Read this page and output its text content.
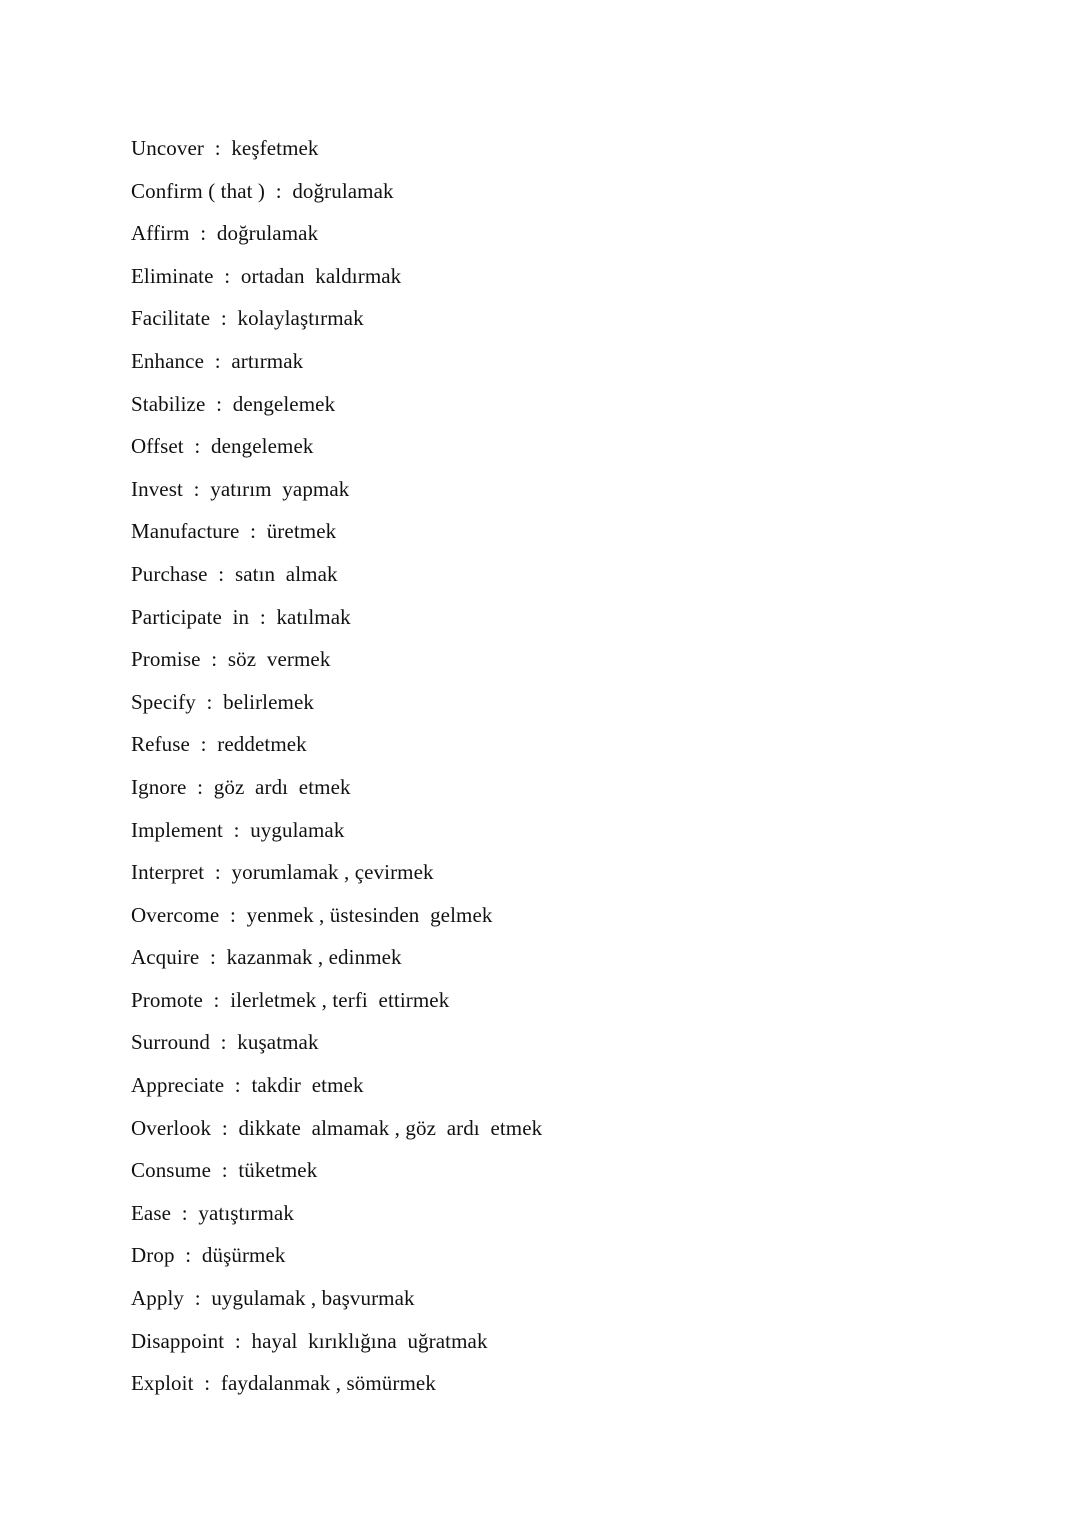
Uncover  :  keşfetmek
Confirm ( that )  :  doğrulamak
Affirm  :  doğrulamak
Eliminate  :  ortadan  kaldırmak
Facilitate  :  kolaylaştırmak
Enhance  :  artırmak
Stabilize  :  dengelemek
Offset  :  dengelemek
Invest  :  yatırım  yapmak
Manufacture  :  üretmek
Purchase  :  satın  almak
Participate  in  :  katılmak
Promise  :  söz  vermek
Specify  :  belirlemek
Refuse  :  reddetmek
Ignore  :  göz  ardı  etmek
Implement  :  uygulamak
Interpret  :  yorumlamak , çevirmek
Overcome  :  yenmek , üstesinden  gelmek
Acquire  :  kazanmak , edinmek
Promote  :  ilerletmek , terfi  ettirmek
Surround  :  kuşatmak
Appreciate  :  takdir  etmek
Overlook  :  dikkate  almamak , göz  ardı  etmek
Consume  :  tüketmek
Ease  :  yatıştırmak
Drop  :  düşürmek
Apply  :  uygulamak , başvurmak
Disappoint  :  hayal  kırıklığına  uğratmak
Exploit  :  faydalanmak , sömürmek
